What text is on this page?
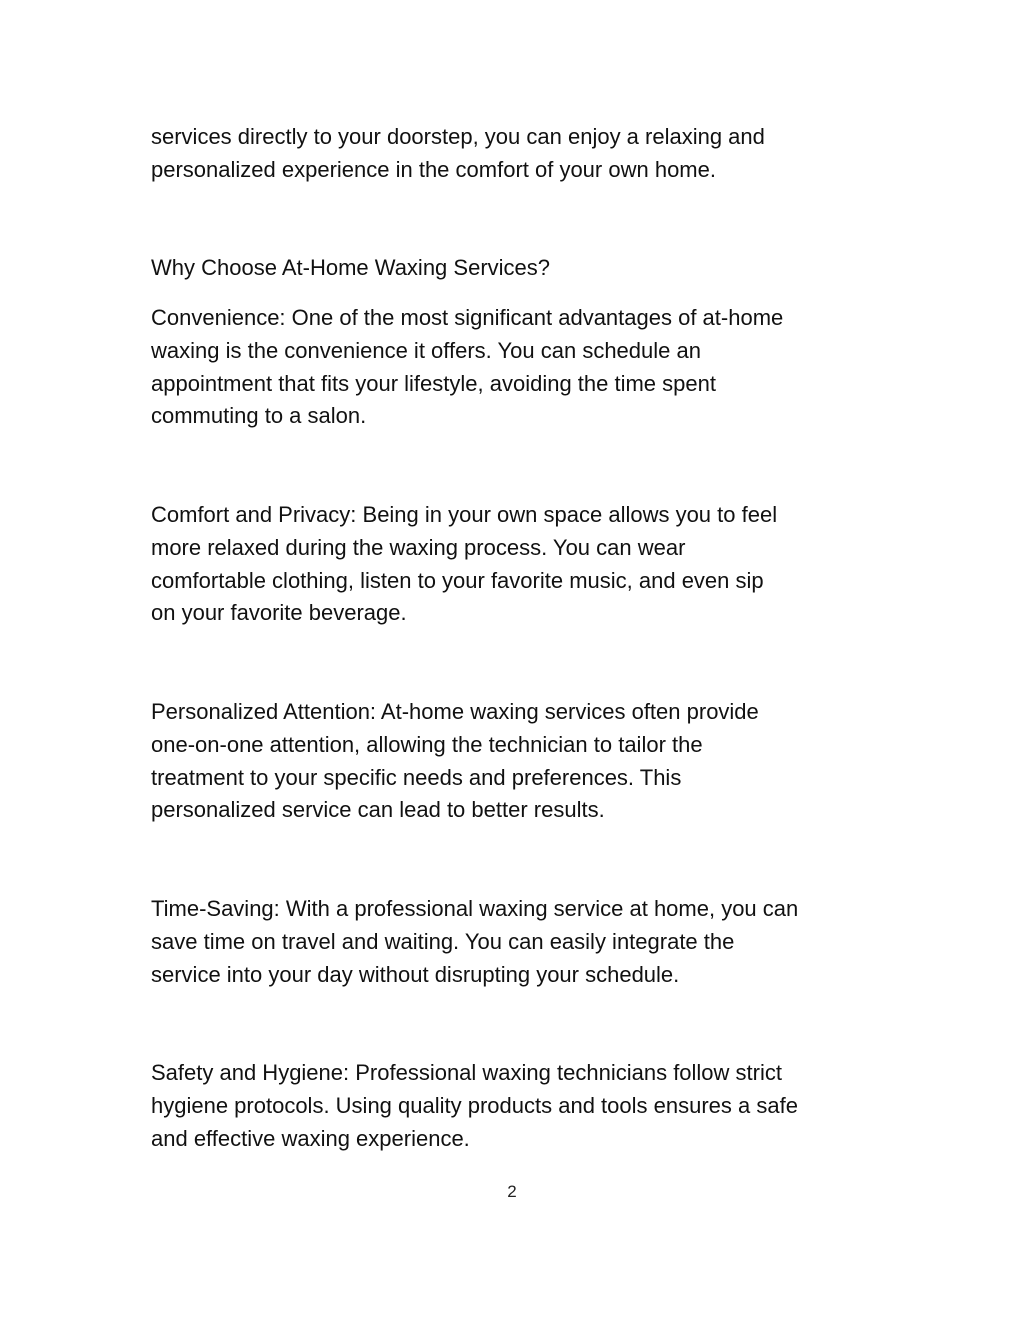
services directly to your doorstep, you can enjoy a relaxing and
personalized experience in the comfort of your own home.

Why Choose At-Home Waxing Services?

Convenience: One of the most significant advantages of at-home
waxing is the convenience it offers. You can schedule an
appointment that fits your lifestyle, avoiding the time spent
commuting to a salon.

Comfort and Privacy: Being in your own space allows you to feel
more relaxed during the waxing process. You can wear
comfortable clothing, listen to your favorite music, and even sip
on your favorite beverage.

Personalized Attention: At-home waxing services often provide
one-on-one attention, allowing the technician to tailor the
treatment to your specific needs and preferences. This
personalized service can lead to better results.

Time-Saving: With a professional waxing service at home, you can
save time on travel and waiting. You can easily integrate the
service into your day without disrupting your schedule.

Safety and Hygiene: Professional waxing technicians follow strict
hygiene protocols. Using quality products and tools ensures a safe
and effective waxing experience.

2
